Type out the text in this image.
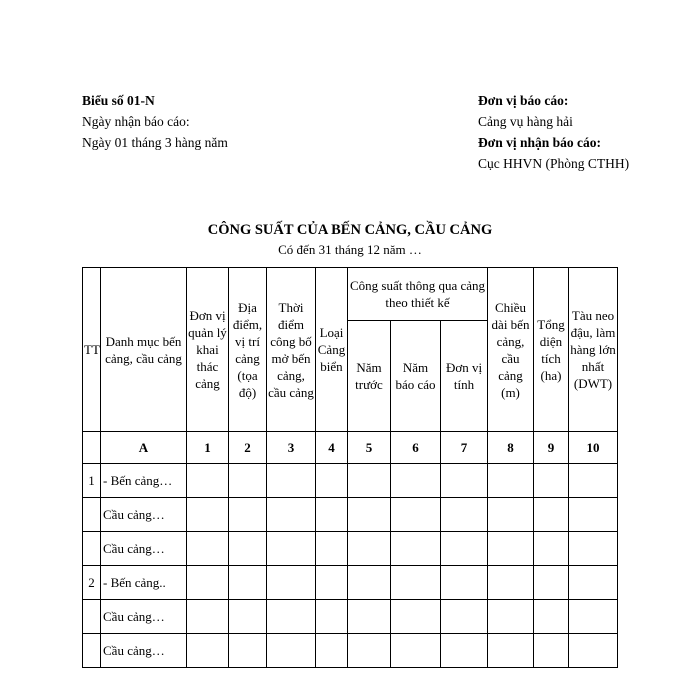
Biểu số 01-N
Ngày nhận báo cáo:
Ngày 01 tháng 3 hàng năm
Đơn vị báo cáo:
Cảng vụ hàng hải
Đơn vị nhận báo cáo:
Cục HHVN (Phòng CTHH)
CÔNG SUẤT CỦA BẾN CẢNG, CẦU CẢNG
Có đến 31 tháng 12 năm …
TT	Danh mục bến cảng, cầu cảng	Đơn vị quản lý khai thác cảng	Địa điểm, vị trí cảng (tọa độ)	Thời điểm công bố mở bến cảng, cầu cảng	Loại Cảng biển	Công suất thông qua cảng theo thiết kế			Chiều dài bến cảng, cầu cảng (m)	Tổng diện tích (ha)	Tàu neo đậu, làm hàng lớn nhất (DWT)
						Năm trước	Năm báo cáo	Đơn vị tính			
	A	1	2	3	4	5	6	7	8	9	10
1	- Bến cảng…										
	Cầu cảng…										
	Cầu cảng…										
2	- Bến cảng..										
	Cầu cảng…										
	Cầu cảng…										
